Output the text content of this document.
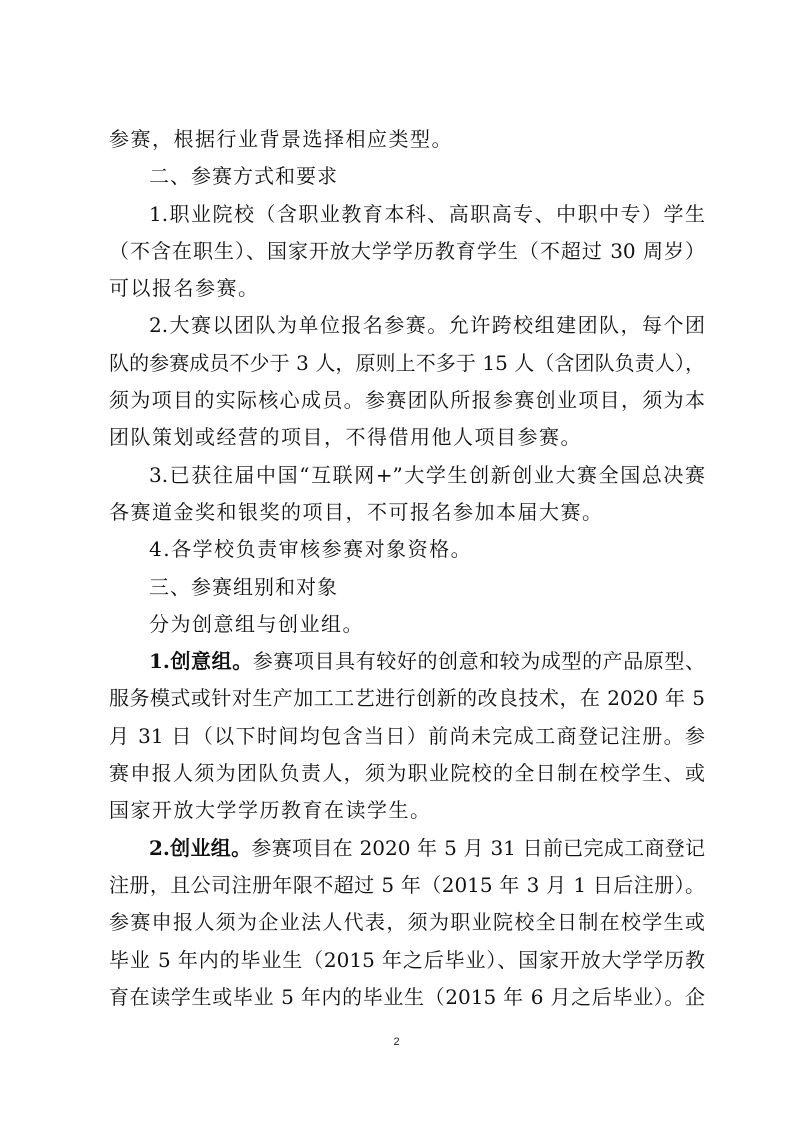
参赛，根据行业背景选择相应类型。
二、参赛方式和要求
1.职业院校（含职业教育本科、高职高专、中职中专）学生
（不含在职生）、国家开放大学学历教育学生（不超过 30 周岁）
可以报名参赛。
2.大赛以团队为单位报名参赛。允许跨校组建团队，每个团
队的参赛成员不少于 3 人，原则上不多于 15 人（含团队负责人），
须为项目的实际核心成员。参赛团队所报参赛创业项目，须为本
团队策划或经营的项目，不得借用他人项目参赛。
3.已获往届中国“互联网+”大学生创新创业大赛全国总决赛
各赛道金奖和银奖的项目，不可报名参加本届大赛。
4.各学校负责审核参赛对象资格。
三、参赛组别和对象
分为创意组与创业组。
1.创意组。参赛项目具有较好的创意和较为成型的产品原型、
服务模式或针对生产加工工艺进行创新的改良技术，在 2020 年 5
月 31 日（以下时间均包含当日）前尚未完成工商登记注册。参
赛申报人须为团队负责人，须为职业院校的全日制在校学生、或
国家开放大学学历教育在读学生。
2.创业组。参赛项目在 2020 年 5 月 31 日前已完成工商登记
注册，且公司注册年限不超过 5 年（2015 年 3 月 1 日后注册）。
参赛申报人须为企业法人代表，须为职业院校全日制在校学生或
毕业 5 年内的毕业生（2015 年之后毕业）、国家开放大学学历教
育在读学生或毕业 5 年内的毕业生（2015 年 6 月之后毕业）。企
2
